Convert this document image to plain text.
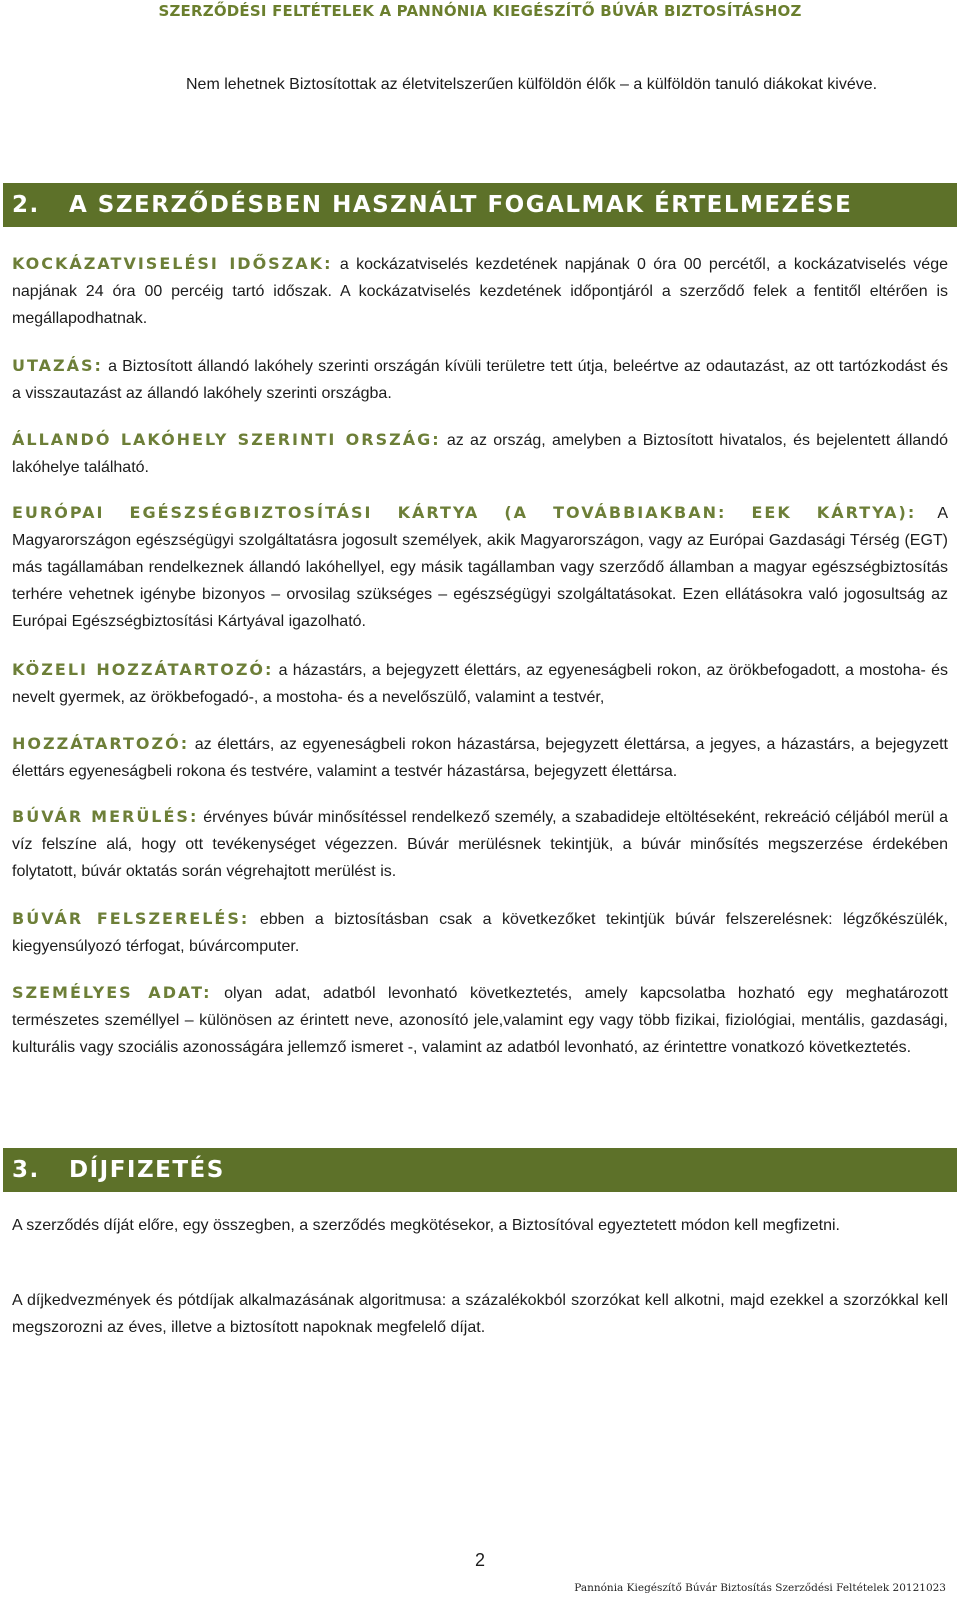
SZERZŐDÉSI FELTÉTELEK A PANNÓNIA KIEGÉSZÍTŐ BÚVÁR BIZTOSÍTÁSHOZ
Nem lehetnek Biztosítottak az életvitelszerűen külföldön élők – a külföldön tanuló diákokat kivéve.
2. A SZERZŐDÉSBEN HASZNÁLT FOGALMAK ÉRTELMEZÉSE
KOCKÁZATVISELÉSI IDŐSZAK: a kockázatviselés kezdetének napjának 0 óra 00 percétől, a kockázatviselés vége napjának 24 óra 00 percéig tartó időszak. A kockázatviselés kezdetének időpontjáról a szerződő felek a fentitől eltérően is megállapodhatnak.
UTAZÁS: a Biztosított állandó lakóhely szerinti országán kívüli területre tett útja, beleértve az odautazást, az ott tartózkodást és a visszautazást az állandó lakóhely szerinti országba.
ÁLLANDÓ LAKÓHELY SZERINTI ORSZÁG: az az ország, amelyben a Biztosított hivatalos, és bejelentett állandó lakóhelye található.
EURÓPAI EGÉSZSÉGBIZTOSÍTÁSI KÁRTYA (A TOVÁBBIAKBAN: EEK KÁRTYA): A Magyarországon egészségügyi szolgáltatásra jogosult személyek, akik Magyarországon, vagy az Európai Gazdasági Térség (EGT) más tagállamában rendelkeznek állandó lakóhellyel, egy másik tagállamban vagy szerződő államban a magyar egészségbiztosítás terhére vehetnek igénybe bizonyos – orvosilag szükséges – egészségügyi szolgáltatásokat. Ezen ellátásokra való jogosultság az Európai Egészségbiztosítási Kártyával igazolható.
KÖZELI HOZZÁTARTOZÓ: a házastárs, a bejegyzett élettárs, az egyeneságbeli rokon, az örökbefogadott, a mostoha- és nevelt gyermek, az örökbefogadó-, a mostoha- és a nevelőszülő, valamint a testvér,
HOZZÁTARTOZÓ: az élettárs, az egyeneságbeli rokon házastársa, bejegyzett élettársa, a jegyes, a házastárs, a bejegyzett élettárs egyeneságbeli rokona és testvére, valamint a testvér házastársa, bejegyzett élettársa.
BÚVÁR MERÜLÉS: érvényes búvár minősítéssel rendelkező személy, a szabadideje eltöltéseként, rekreáció céljából merül a víz felszíne alá, hogy ott tevékenységet végezzen. Búvár merülésnek tekintjük, a búvár minősítés megszerzése érdekében folytatott, búvár oktatás során végrehajtott merülést is.
BÚVÁR FELSZERELÉS: ebben a biztosításban csak a következőket tekintjük búvár felszerelésnek: légzőkészülék, kiegyensúlyozó térfogat, búvárcomputer.
SZEMÉLYES ADAT: olyan adat, adatból levonható következtetés, amely kapcsolatba hozható egy meghatározott természetes személlyel – különösen az érintett neve, azonosító jele,valamint egy vagy több fizikai, fiziológiai, mentális, gazdasági, kulturális vagy szociális azonosságára jellemző ismeret -, valamint az adatból levonható, az érintettre vonatkozó következtetés.
3. DÍJFIZETÉS
A szerződés díját előre, egy összegben, a szerződés megkötésekor, a Biztosítóval egyeztetett módon kell megfizetni.
A díjkedvezmények és pótdíjak alkalmazásának algoritmusa: a százalékokból szorzókat kell alkotni, majd ezekkel a szorzókkal kell megszorozni az éves, illetve a biztosított napoknak megfelelő díjat.
2
Pannónia Kiegészítő Búvár Biztosítás Szerződési Feltételek 20121023
